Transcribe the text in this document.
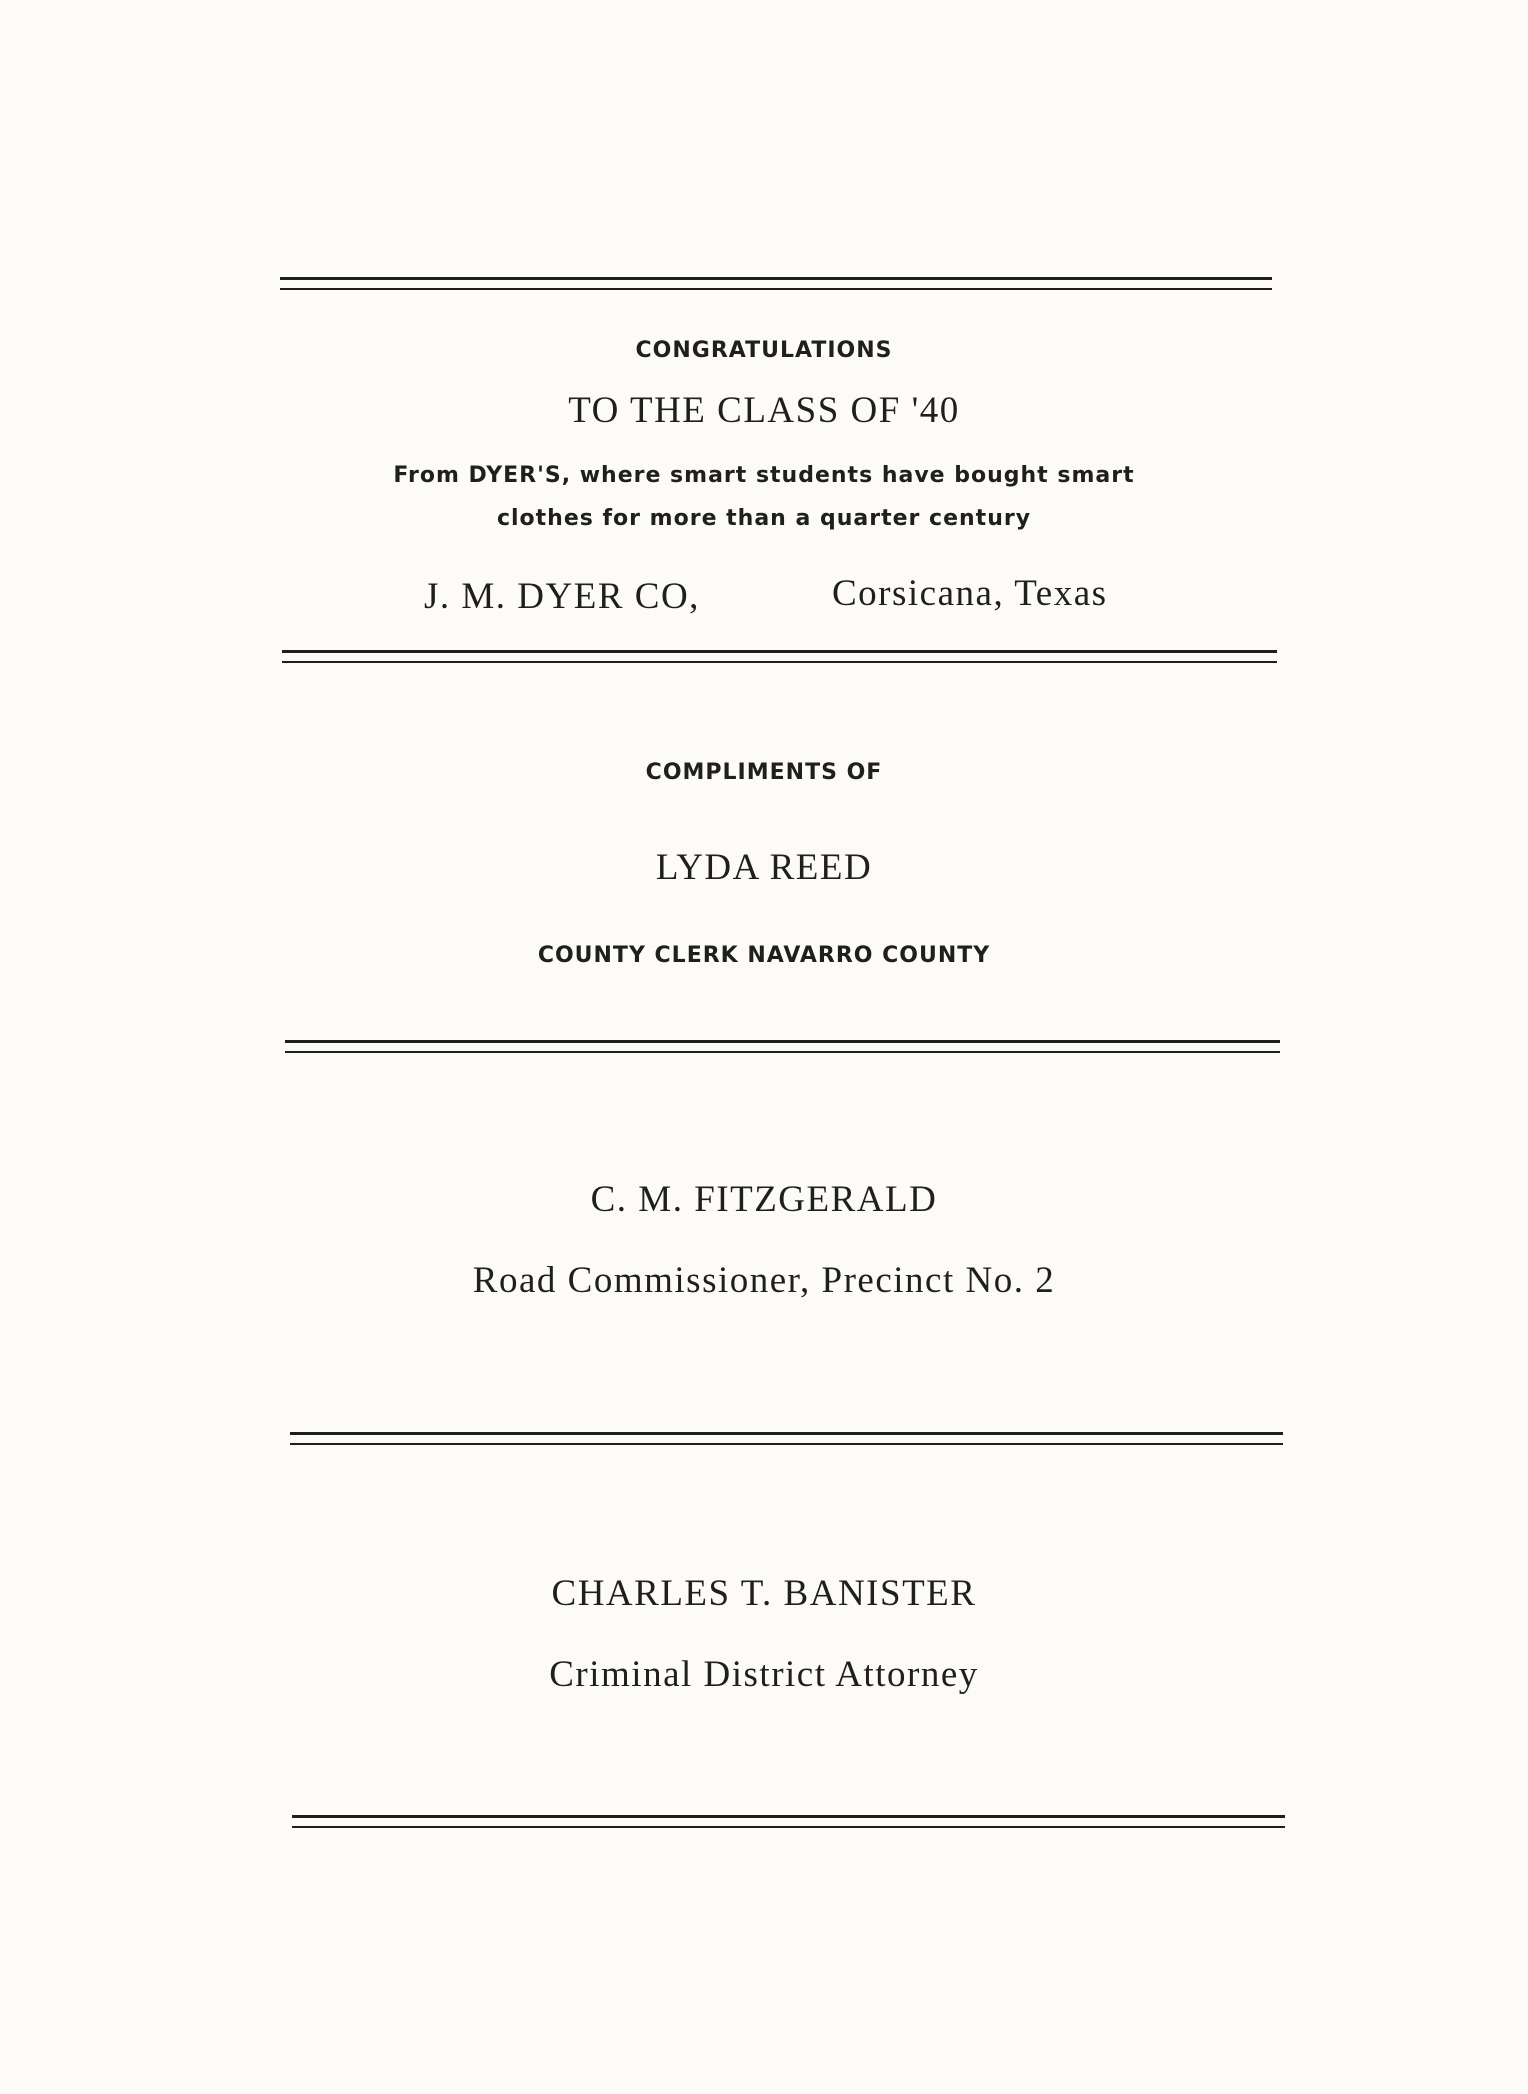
CONGRATULATIONS
TO THE CLASS OF '40
From DYER'S, where smart students have bought smart
clothes for more than a quarter century
J. M. DYER CO,	Corsicana, Texas
COMPLIMENTS OF
LYDA REED
COUNTY CLERK NAVARRO COUNTY
C. M. FITZGERALD
Road Commissioner, Precinct No. 2
CHARLES T. BANISTER
Criminal District Attorney
